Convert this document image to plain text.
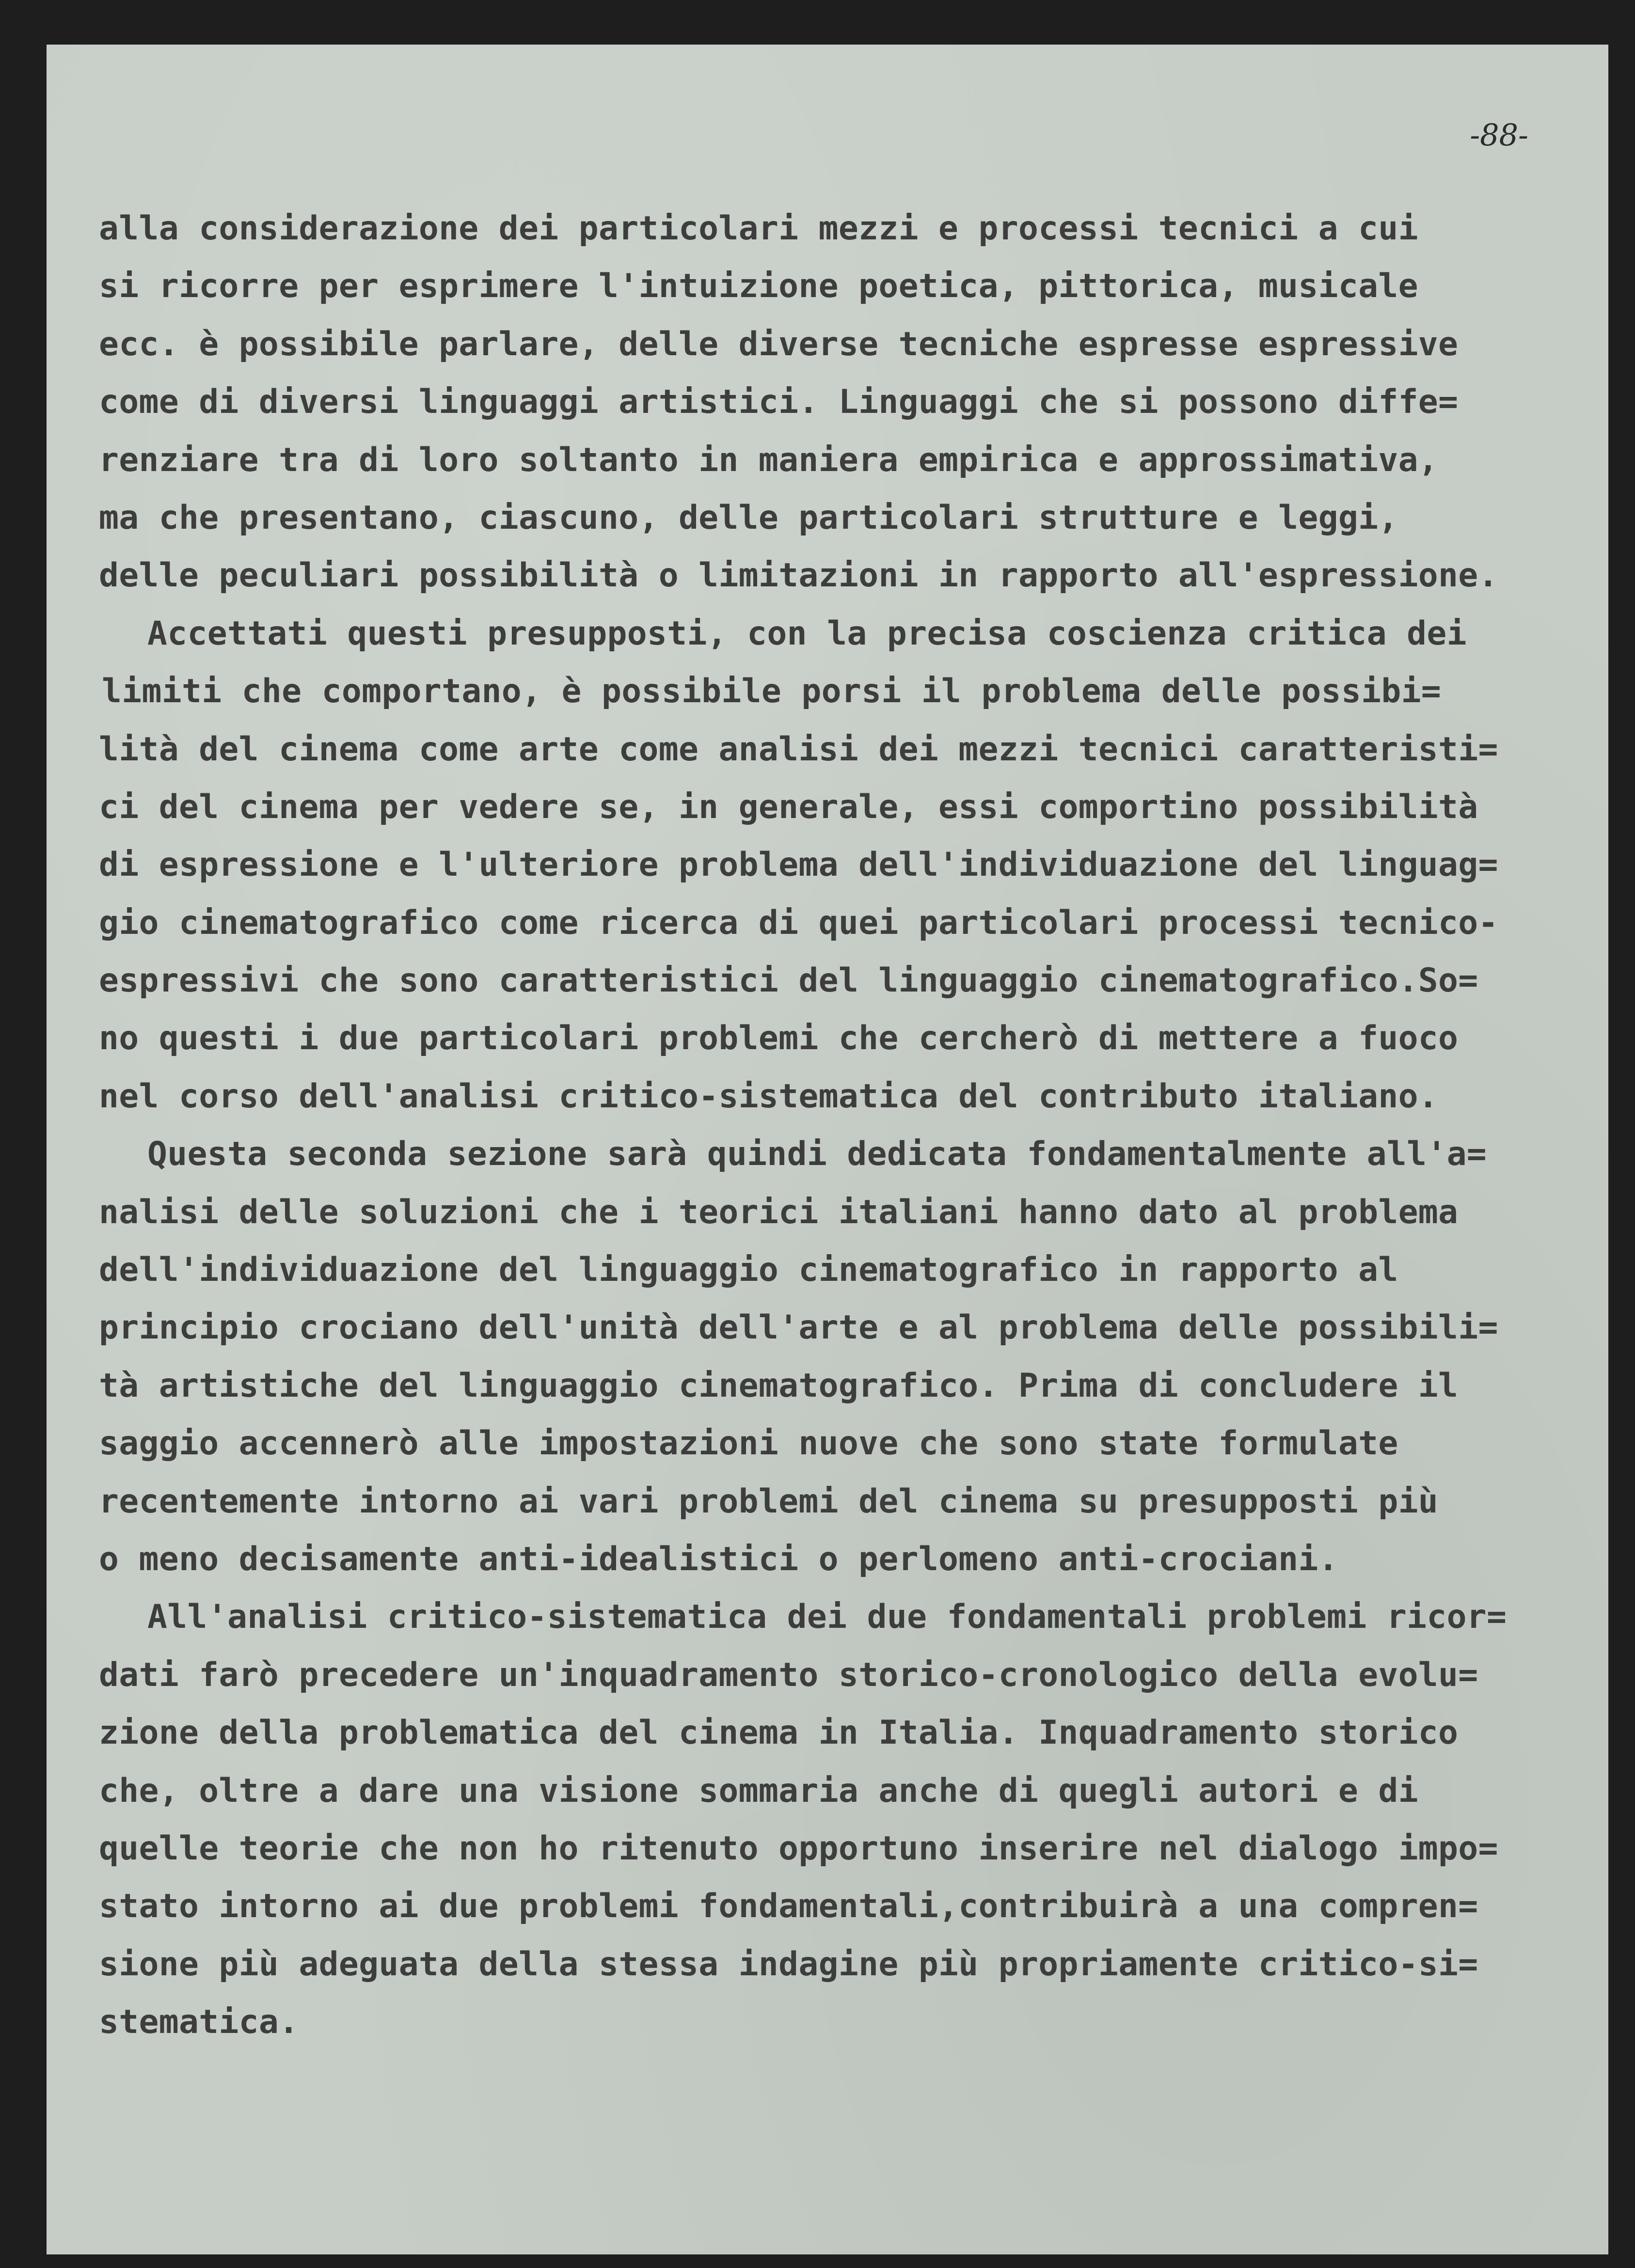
-88-
alla considerazione dei particolari mezzi e processi tecnici a cui
si ricorre per esprimere l'intuizione poetica, pittorica, musicale
ecc. è possibile parlare, delle diverse tecniche espresse espressive
come di diversi linguaggi artistici. Linguaggi che si possono diffe=
renziare tra di loro soltanto in maniera empirica e approssimativa,
ma che presentano, ciascuno, delle particolari strutture e leggi,
delle peculiari possibilità o limitazioni in rapporto all'espressione.
Accettati questi presupposti, con la precisa coscienza critica dei
limiti che comportano, è possibile porsi il problema delle possibi=
lità del cinema come arte come analisi dei mezzi tecnici caratteristi=
ci del cinema per vedere se, in generale, essi comportino possibilità
di espressione e l'ulteriore problema dell'individuazione del linguag=
gio cinematografico come ricerca di quei particolari processi tecnico-
espressivi che sono caratteristici del linguaggio cinematografico.So=
no questi i due particolari problemi che cercherò di mettere a fuoco
nel corso dell'analisi critico-sistematica del contributo italiano.
Questa seconda sezione sarà quindi dedicata fondamentalmente all'a=
nalisi delle soluzioni che i teorici italiani hanno dato al problema
dell'individuazione del linguaggio cinematografico in rapporto al
principio crociano dell'unità dell'arte e al problema delle possibili=
tà artistiche del linguaggio cinematografico. Prima di concludere il
saggio accennerò alle impostazioni nuove che sono state formulate
recentemente intorno ai vari problemi del cinema su presupposti più
o meno decisamente anti-idealistici o perlomeno anti-crociani.
All'analisi critico-sistematica dei due fondamentali problemi ricor=
dati farò precedere un'inquadramento storico-cronologico della evolu=
zione della problematica del cinema in Italia. Inquadramento storico
che, oltre a dare una visione sommaria anche di quegli autori e di
quelle teorie che non ho ritenuto opportuno inserire nel dialogo impo=
stato intorno ai due problemi fondamentali,contribuirà a una compren=
sione più adeguata della stessa indagine più propriamente critico-si=
stematica.
